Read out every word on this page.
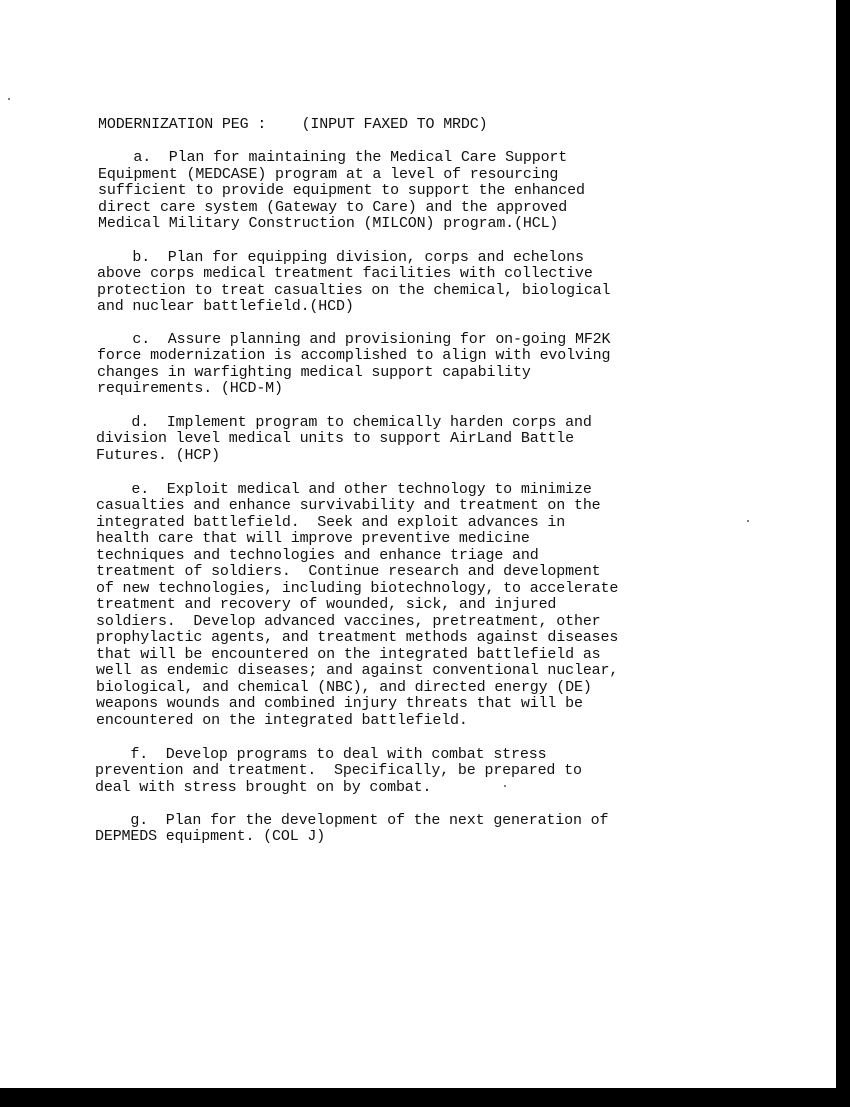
MODERNIZATION PEG :    (INPUT FAXED TO MRDC)

a.  Plan for maintaining the Medical Care Support

Equipment (MEDCASE) program at a level of resourcing

sufficient to provide equipment to support the enhanced

direct care system (Gateway to Care) and the approved

Medical Military Construction (MILCON) program.(HCL)

b.  Plan for equipping division, corps and echelons

above corps medical treatment facilities with collective

protection to treat casualties on the chemical, biological

and nuclear battlefield.(HCD)

c.  Assure planning and provisioning for on-going MF2K

force modernization is accomplished to align with evolving

changes in warfighting medical support capability

requirements. (HCD-M)

d.  Implement program to chemically harden corps and

division level medical units to support AirLand Battle

Futures. (HCP)

e.  Exploit medical and other technology to minimize

casualties and enhance survivability and treatment on the

integrated battlefield.  Seek and exploit advances in

health care that will improve preventive medicine

techniques and technologies and enhance triage and

treatment of soldiers.  Continue research and development

of new technologies, including biotechnology, to accelerate

treatment and recovery of wounded, sick, and injured

soldiers.  Develop advanced vaccines, pretreatment, other

prophylactic agents, and treatment methods against diseases

that will be encountered on the integrated battlefield as

well as endemic diseases; and against conventional nuclear,

biological, and chemical (NBC), and directed energy (DE)

weapons wounds and combined injury threats that will be

encountered on the integrated battlefield.

f.  Develop programs to deal with combat stress

prevention and treatment.  Specifically, be prepared to

deal with stress brought on by combat.

g.  Plan for the development of the next generation of

DEPMEDS equipment. (COL J)
